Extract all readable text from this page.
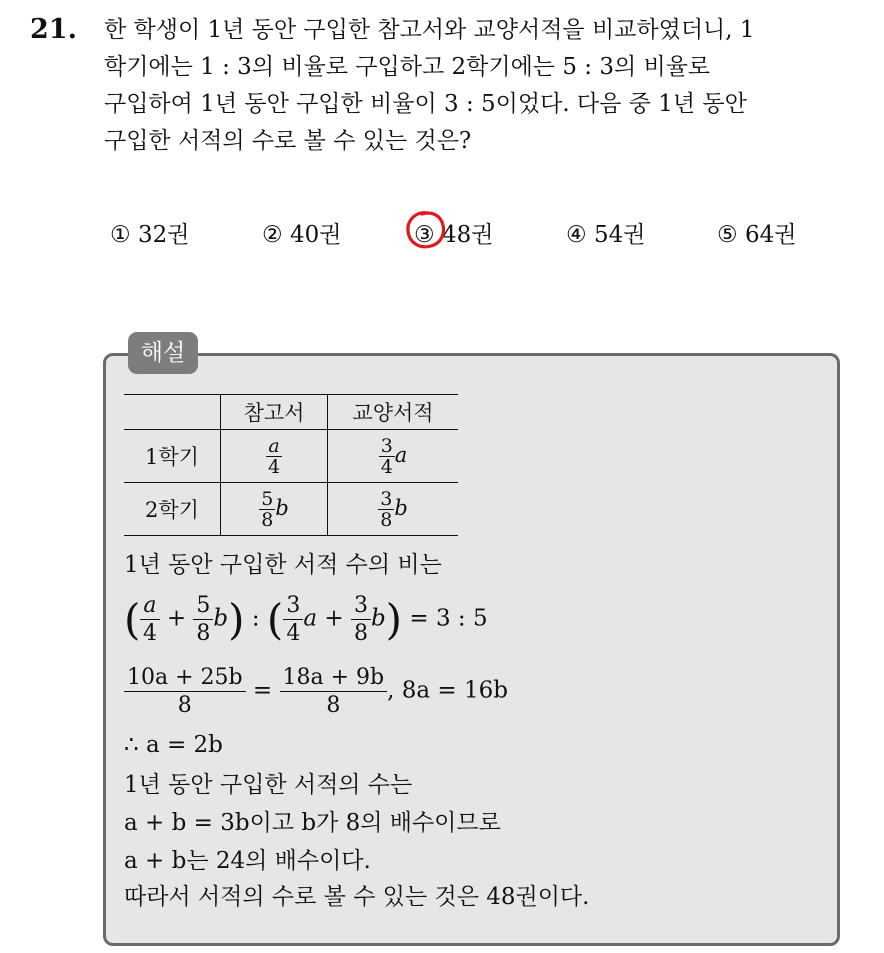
21. 한 학생이 1년 동안 구입한 참고서와 교양서적을 비교하였더니, 1
학기에는 1 : 3의 비율로 구입하고 2학기에는 5 : 3의 비율로
구입하여 1년 동안 구입한 비율이 3 : 5이었다. 다음 중 1년 동안
구입한 서적의 수로 볼 수 있는 것은?
① 32권	② 40권	③ 48권	④ 54권	⑤ 64권
해설
	참고서	교양서적
1학기	$\frac{a}{4}$	$\frac{3}{4}$ a
2학기	$\frac{5}{8}$ b	$\frac{3}{8}$ b
1년 동안 구입한 서적 수의 비는
( $\frac{a}{4} + \frac{5}{8} b$) : ( $\frac{3}{4}$ $a + \frac{3}{8} b) = 3$ : 5
$\frac{10a + 25b}{8} = \frac{18a + 9b}{8}$ , 8a = 16b
∴ a = 2b
1년 동안 구입한 서적의 수는
a + b = 3b이고 b가 8의 배수이므로
a + b는 24의 배수이다.
따라서 서적의 수로 볼 수 있는 것은 48권이다.
